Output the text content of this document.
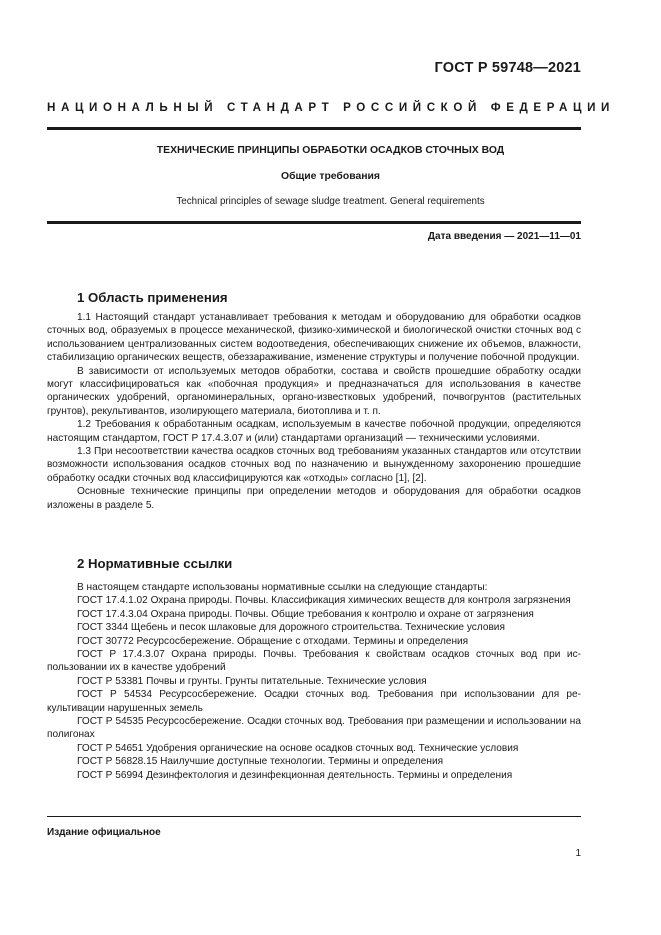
ГОСТ Р 59748—2021
НАЦИОНАЛЬНЫЙ СТАНДАРТ РОССИЙСКОЙ ФЕДЕРАЦИИ
ТЕХНИЧЕСКИЕ ПРИНЦИПЫ ОБРАБОТКИ ОСАДКОВ СТОЧНЫХ ВОД
Общие требования
Technical principles of sewage sludge treatment. General requirements
Дата введения — 2021—11—01
1 Область применения

1.1 Настоящий стандарт устанавливает требования к методам и оборудованию для обработки осадков сточных вод, образуемых в процессе механической, физико-химической и биологической очистки сточных вод с использованием централизованных систем водоотведения, обеспечивающих снижение их объемов, влажности, стабилизацию органических веществ, обеззараживание, изменение структуры и получение побочной продукции.

В зависимости от используемых методов обработки, состава и свойств прошедшие обработку осадки могут классифицироваться как «побочная продукция» и предназначаться для использования в качестве органических удобрений, органоминеральных, органо-известковых удобрений, почвогрунтов (растительных грунтов), рекультивантов, изолирующего материала, биотоплива и т. п.

1.2 Требования к обработанным осадкам, используемым в качестве побочной продукции, определяются настоящим стандартом, ГОСТ Р 17.4.3.07 и (или) стандартами организаций — техническими условиями.

1.3 При несоответствии качества осадков сточных вод требованиям указанных стандартов или отсутствии возможности использования осадков сточных вод по назначению и вынужденному захоронению прошедшие обработку осадки сточных вод классифицируются как «отходы» согласно [1], [2].

Основные технические принципы при определении методов и оборудования для обработки осадков изложены в разделе 5.

2 Нормативные ссылки

В настоящем стандарте использованы нормативные ссылки на следующие стандарты:

ГОСТ 17.4.1.02 Охрана природы. Почвы. Классификация химических веществ для контроля загрязнения

ГОСТ 17.4.3.04 Охрана природы. Почвы. Общие требования к контролю и охране от загрязнения

ГОСТ 3344 Щебень и песок шлаковые для дорожного строительства. Технические условия

ГОСТ 30772 Ресурсосбережение. Обращение с отходами. Термины и определения

ГОСТ Р 17.4.3.07 Охрана природы. Почвы. Требования к свойствам осадков сточных вод при использовании их в качестве удобрений

ГОСТ Р 53381 Почвы и грунты. Грунты питательные. Технические условия

ГОСТ Р 54534 Ресурсосбережение. Осадки сточных вод. Требования при использовании для рекультивации нарушенных земель

ГОСТ Р 54535 Ресурсосбережение. Осадки сточных вод. Требования при размещении и использовании на полигонах

ГОСТ Р 54651 Удобрения органические на основе осадков сточных вод. Технические условия

ГОСТ Р 56828.15 Наилучшие доступные технологии. Термины и определения

ГОСТ Р 56994 Дезинфектология и дезинфекционная деятельность. Термины и определения

Издание официальное
1
